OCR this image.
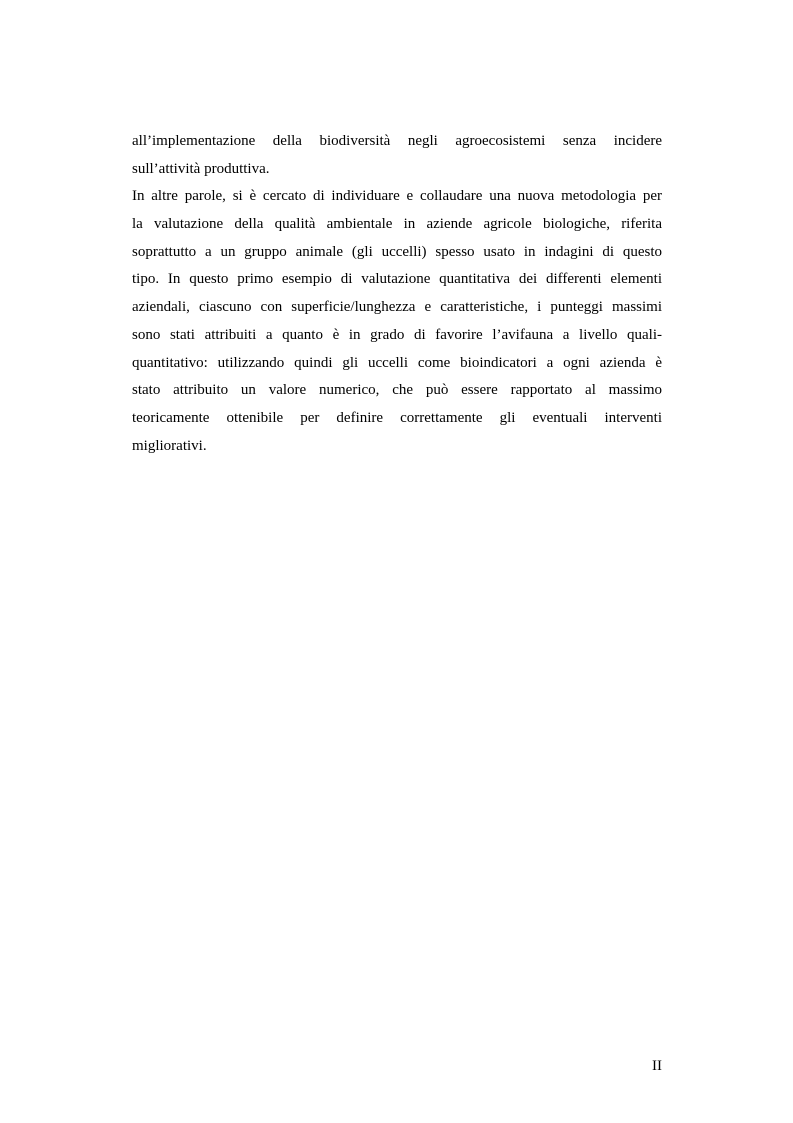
all’implementazione della biodiversità negli agroecosistemi senza incidere
sull’attività produttiva.
In altre parole, si è cercato di individuare e collaudare una nuova metodologia per
la valutazione della qualità ambientale in aziende agricole biologiche, riferita
soprattutto a un gruppo animale (gli uccelli) spesso usato in indagini di questo
tipo. In questo primo esempio di valutazione quantitativa dei differenti elementi
aziendali, ciascuno con superficie/lunghezza e caratteristiche, i punteggi massimi
sono stati attribuiti a quanto è in grado di favorire l’avifauna a livello quali-
quantitativo: utilizzando quindi gli uccelli come bioindicatori a ogni azienda è
stato attribuito un valore numerico, che può essere rapportato al massimo
teoricamente ottenibile per definire correttamente gli eventuali interventi
migliorativi.
II
